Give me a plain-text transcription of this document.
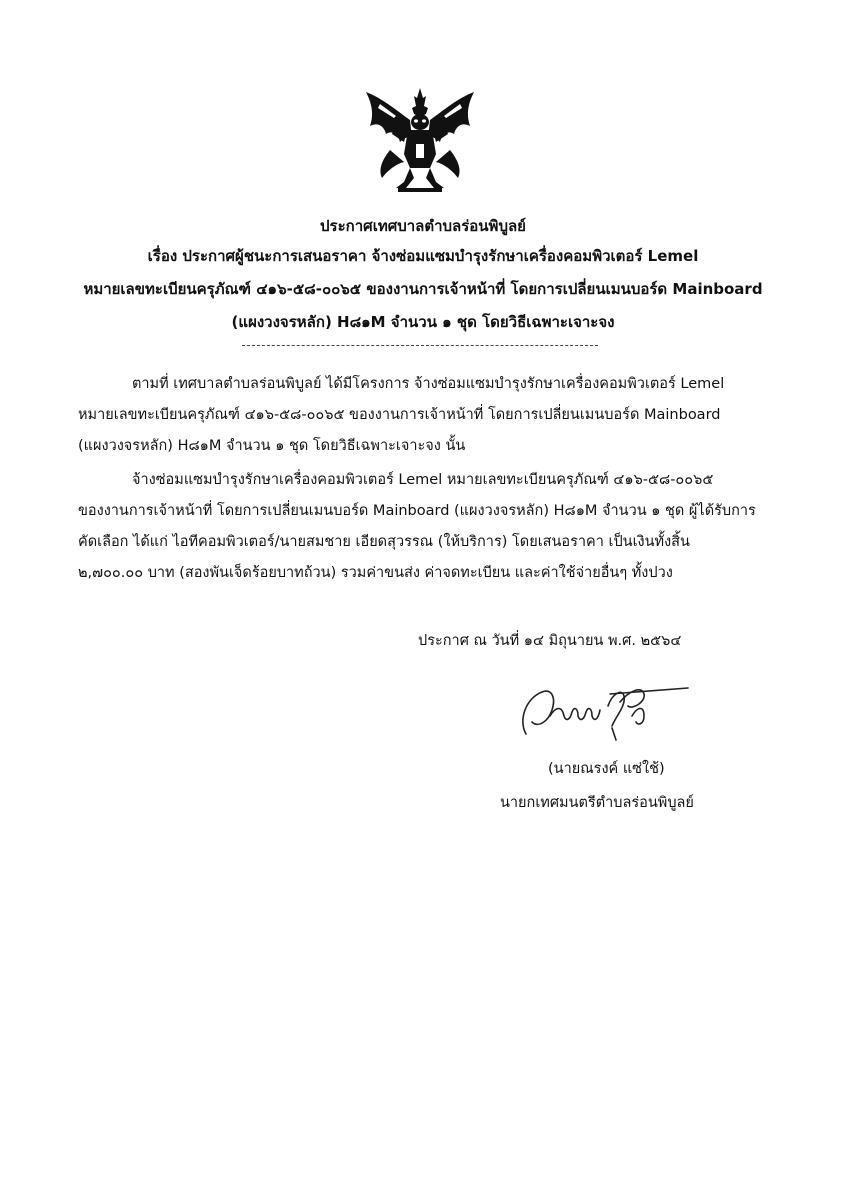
ประกาศเทศบาลตำบลร่อนพิบูลย์
เรื่อง ประกาศผู้ชนะการเสนอราคา จ้างซ่อมแซมบำรุงรักษาเครื่องคอมพิวเตอร์ Lemel
หมายเลขทะเบียนครุภัณฑ์ ๔๑๖-๕๘-๐๐๖๕ ของงานการเจ้าหน้าที่ โดยการเปลี่ยนเมนบอร์ด Mainboard
(แผงวงจรหลัก) H๘๑M จำนวน ๑ ชุด โดยวิธีเฉพาะเจาะจง
ตามที่ เทศบาลตำบลร่อนพิบูลย์ ได้มีโครงการ จ้างซ่อมแซมบำรุงรักษาเครื่องคอมพิวเตอร์ Lemel
หมายเลขทะเบียนครุภัณฑ์ ๔๑๖-๕๘-๐๐๖๕ ของงานการเจ้าหน้าที่ โดยการเปลี่ยนเมนบอร์ด Mainboard
(แผงวงจรหลัก) H๘๑M จำนวน ๑ ชุด โดยวิธีเฉพาะเจาะจง นั้น
จ้างซ่อมแซมบำรุงรักษาเครื่องคอมพิวเตอร์ Lemel หมายเลขทะเบียนครุภัณฑ์ ๔๑๖-๕๘-๐๐๖๕
ของงานการเจ้าหน้าที่ โดยการเปลี่ยนเมนบอร์ด Mainboard (แผงวงจรหลัก) H๘๑M จำนวน ๑ ชุด ผู้ได้รับการ
คัดเลือก ได้แก่ ไอทีคอมพิวเตอร์/นายสมชาย เอียดสุวรรณ (ให้บริการ) โดยเสนอราคา เป็นเงินทั้งสิ้น
๒,๗๐๐.๐๐ บาท (สองพันเจ็ดร้อยบาทถ้วน) รวมค่าขนส่ง ค่าจดทะเบียน และค่าใช้จ่ายอื่นๆ ทั้งปวง
ประกาศ ณ วันที่ ๑๔ มิถุนายน พ.ศ. ๒๕๖๔
(นายณรงค์ แซ่ใช้)
นายกเทศมนตรีตำบลร่อนพิบูลย์
